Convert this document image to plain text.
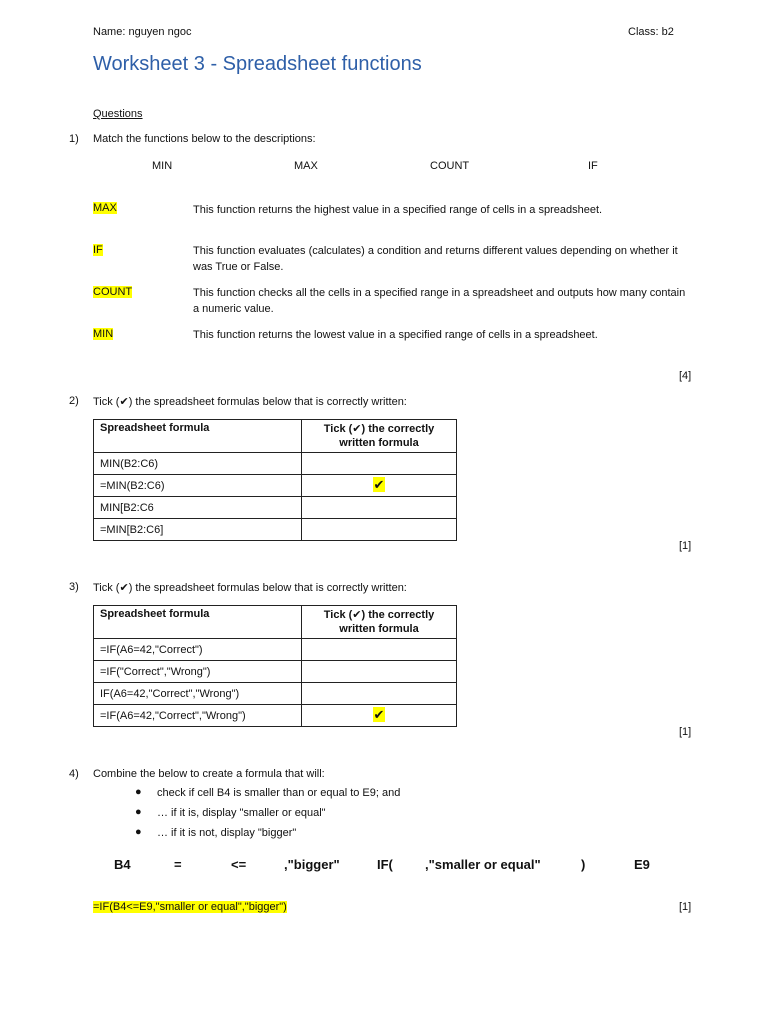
Name: nguyen ngoc	Class: b2
Worksheet 3 - Spreadsheet functions
Questions
1) Match the functions below to the descriptions:
MIN	MAX	COUNT	IF
MAX	This function returns the highest value in a specified range of cells in a spreadsheet.
IF	This function evaluates (calculates) a condition and returns different values depending on whether it was True or False.
COUNT	This function checks all the cells in a specified range in a spreadsheet and outputs how many contain a numeric value.
MIN	This function returns the lowest value in a specified range of cells in a spreadsheet.
[4]
2) Tick (✔) the spreadsheet formulas below that is correctly written:
Spreadsheet formula	Tick (✔) the correctly written formula
MIN(B2:C6)	
=MIN(B2:C6)	✔
MIN[B2:C6	
=MIN[B2:C6]	
[1]
3) Tick (✔) the spreadsheet formulas below that is correctly written:
Spreadsheet formula	Tick (✔) the correctly written formula
=IF(A6=42,"Correct")	
=IF("Correct","Wrong")	
IF(A6=42,"Correct","Wrong")	
=IF(A6=42,"Correct","Wrong")	✔
[1]
4) Combine the below to create a formula that will:
● check if cell B4 is smaller than or equal to E9; and
● … if it is, display "smaller or equal"
● … if it is not, display "bigger"
B4	=	<=	,"bigger"	IF( ,"smaller or equal"	)	E9
=IF(B4<=E9,"smaller or equal","bigger")	[1]
